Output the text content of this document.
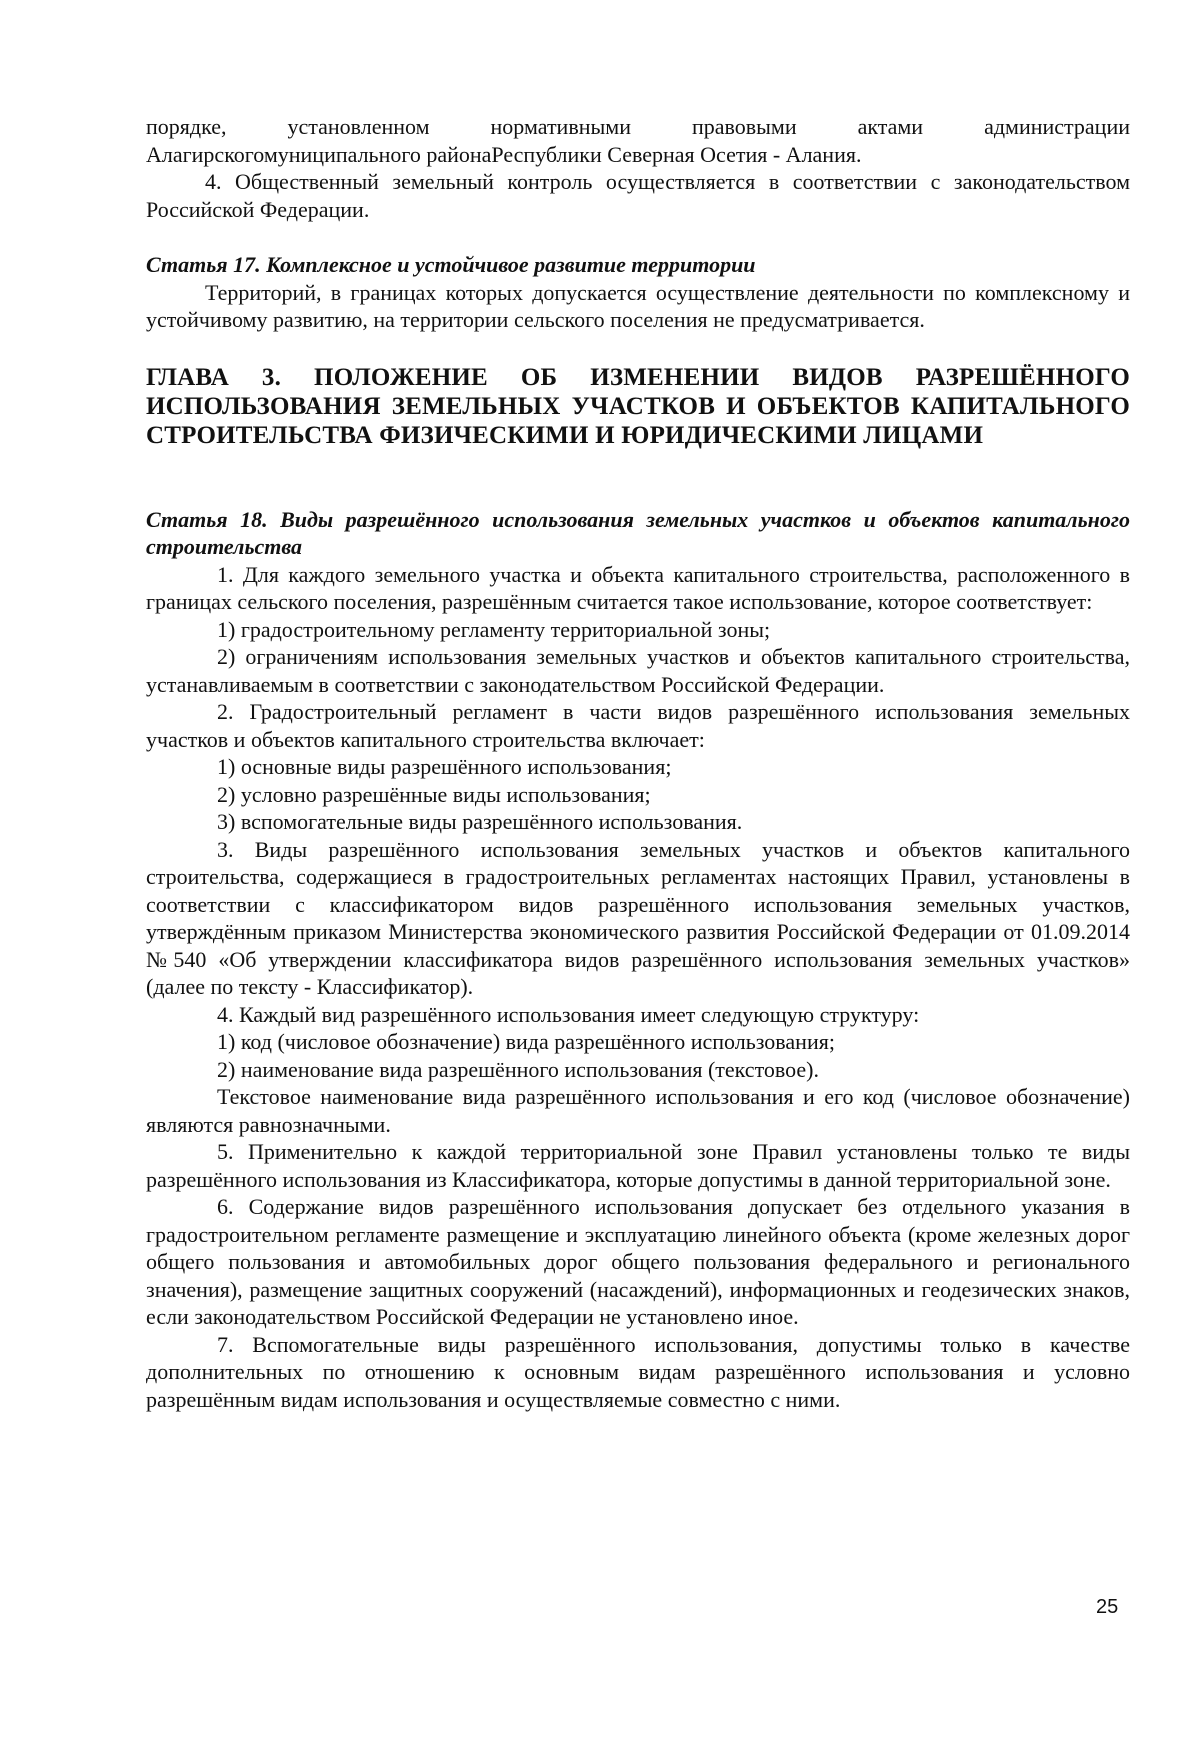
порядке, установленном нормативными правовыми актами администрации

Алагирскогомуниципального районаРеспублики Северная Осетия - Алания.

4. Общественный земельный контроль осуществляется в соответствии с законодательством Российской Федерации.

Статья 17. Комплексное и устойчивое развитие территории

Территорий, в границах которых допускается осуществление деятельности по комплексному и устойчивому развитию, на территории сельского поселения не предусматривается.

ГЛАВА 3. ПОЛОЖЕНИЕ ОБ ИЗМЕНЕНИИ ВИДОВ РАЗРЕШЁННОГО ИСПОЛЬЗОВАНИЯ ЗЕМЕЛЬНЫХ УЧАСТКОВ И ОБЪЕКТОВ КАПИТАЛЬНОГО СТРОИТЕЛЬСТВА ФИЗИЧЕСКИМИ И ЮРИДИЧЕСКИМИ ЛИЦАМИ

Статья 18. Виды разрешённого использования земельных участков и объектов капитального строительства

1. Для каждого земельного участка и объекта капитального строительства, расположенного в границах сельского поселения, разрешённым считается такое использование, которое соответствует:

1) градостроительному регламенту территориальной зоны;

2) ограничениям использования земельных участков и объектов капитального строительства, устанавливаемым в соответствии с законодательством Российской Федерации.

2. Градостроительный регламент в части видов разрешённого использования земельных участков и объектов капитального строительства включает:

1) основные виды разрешённого использования;

2) условно разрешённые виды использования;

3) вспомогательные виды разрешённого использования.

3. Виды разрешённого использования земельных участков и объектов капитального строительства, содержащиеся в градостроительных регламентах настоящих Правил, установлены в соответствии с классификатором видов разрешённого использования земельных участков, утверждённым приказом Министерства экономического развития Российской Федерации от 01.09.2014 №540 «Об утверждении классификатора видов разрешённого использования земельных участков» (далее по тексту - Классификатор).

4. Каждый вид разрешённого использования имеет следующую структуру:

1) код (числовое обозначение) вида разрешённого использования;

2) наименование вида разрешённого использования (текстовое).

Текстовое наименование вида разрешённого использования и его код (числовое обозначение) являются равнозначными.

5. Применительно к каждой территориальной зоне Правил установлены только те виды разрешённого использования из Классификатора, которые допустимы в данной территориальной зоне.

6. Содержание видов разрешённого использования допускает без отдельного указания в градостроительном регламенте размещение и эксплуатацию линейного объекта (кроме железных дорог общего пользования и автомобильных дорог общего пользования федерального и регионального значения), размещение защитных сооружений (насаждений), информационных и геодезических знаков, если законодательством Российской Федерации не установлено иное.

7. Вспомогательные виды разрешённого использования, допустимы только в качестве дополнительных по отношению к основным видам разрешённого использования и условно разрешённым видам использования и осуществляемые совместно с ними.

25
